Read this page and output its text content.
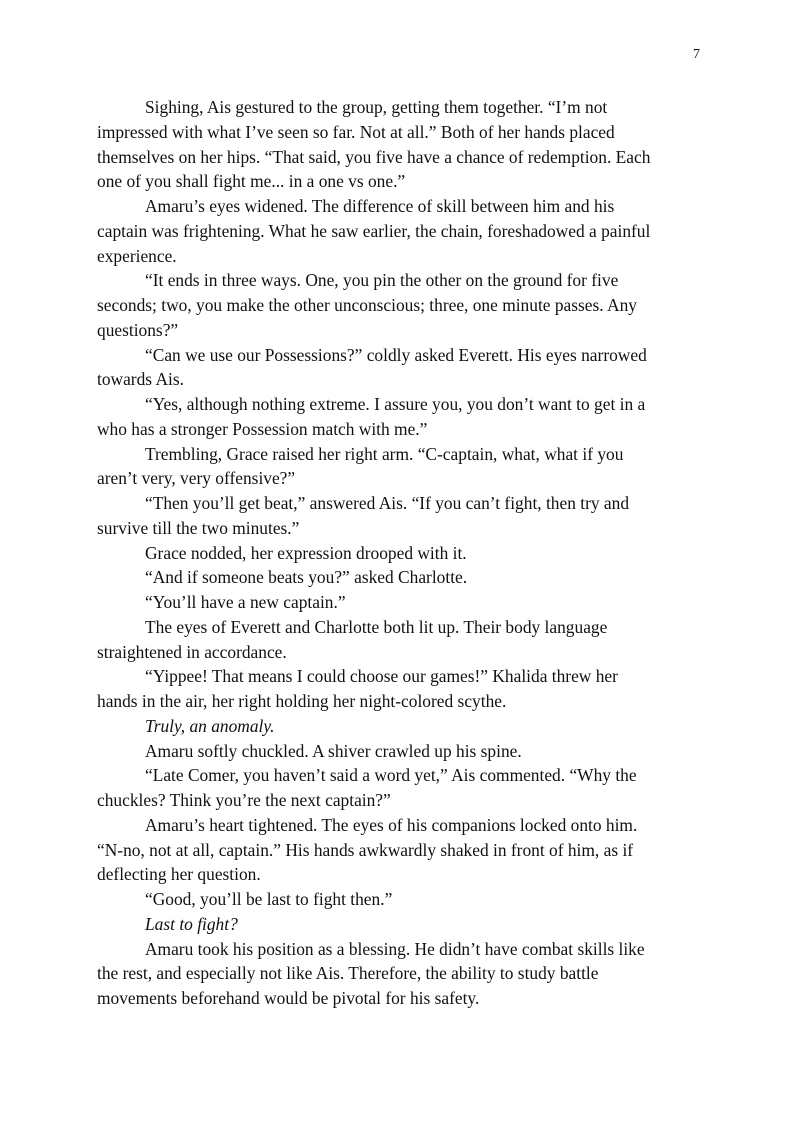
7
Sighing, Ais gestured to the group, getting them together. “I’m not
impressed with what I’ve seen so far. Not at all.” Both of her hands placed
themselves on her hips. “That said, you five have a chance of redemption. Each
one of you shall fight me... in a one vs one.”
Amaru’s eyes widened. The difference of skill between him and his
captain was frightening. What he saw earlier, the chain, foreshadowed a painful
experience.
“It ends in three ways. One, you pin the other on the ground for five
seconds; two, you make the other unconscious; three, one minute passes. Any
questions?”
“Can we use our Possessions?” coldly asked Everett. His eyes narrowed
towards Ais.
“Yes, although nothing extreme. I assure you, you don’t want to get in a
who has a stronger Possession match with me.”
Trembling, Grace raised her right arm. “C-captain, what, what if you
aren’t very, very offensive?”
“Then you’ll get beat,” answered Ais. “If you can’t fight, then try and
survive till the two minutes.”
Grace nodded, her expression drooped with it.
“And if someone beats you?” asked Charlotte.
“You’ll have a new captain.”
The eyes of Everett and Charlotte both lit up. Their body language
straightened in accordance.
“Yippee! That means I could choose our games!” Khalida threw her
hands in the air, her right holding her night-colored scythe.
Truly, an anomaly.
Amaru softly chuckled. A shiver crawled up his spine.
“Late Comer, you haven’t said a word yet,” Ais commented. “Why the
chuckles? Think you’re the next captain?”
Amaru’s heart tightened. The eyes of his companions locked onto him.
“N-no, not at all, captain.” His hands awkwardly shaked in front of him, as if
deflecting her question.
“Good, you’ll be last to fight then.”
Last to fight?
Amaru took his position as a blessing. He didn’t have combat skills like
the rest, and especially not like Ais. Therefore, the ability to study battle
movements beforehand would be pivotal for his safety.
